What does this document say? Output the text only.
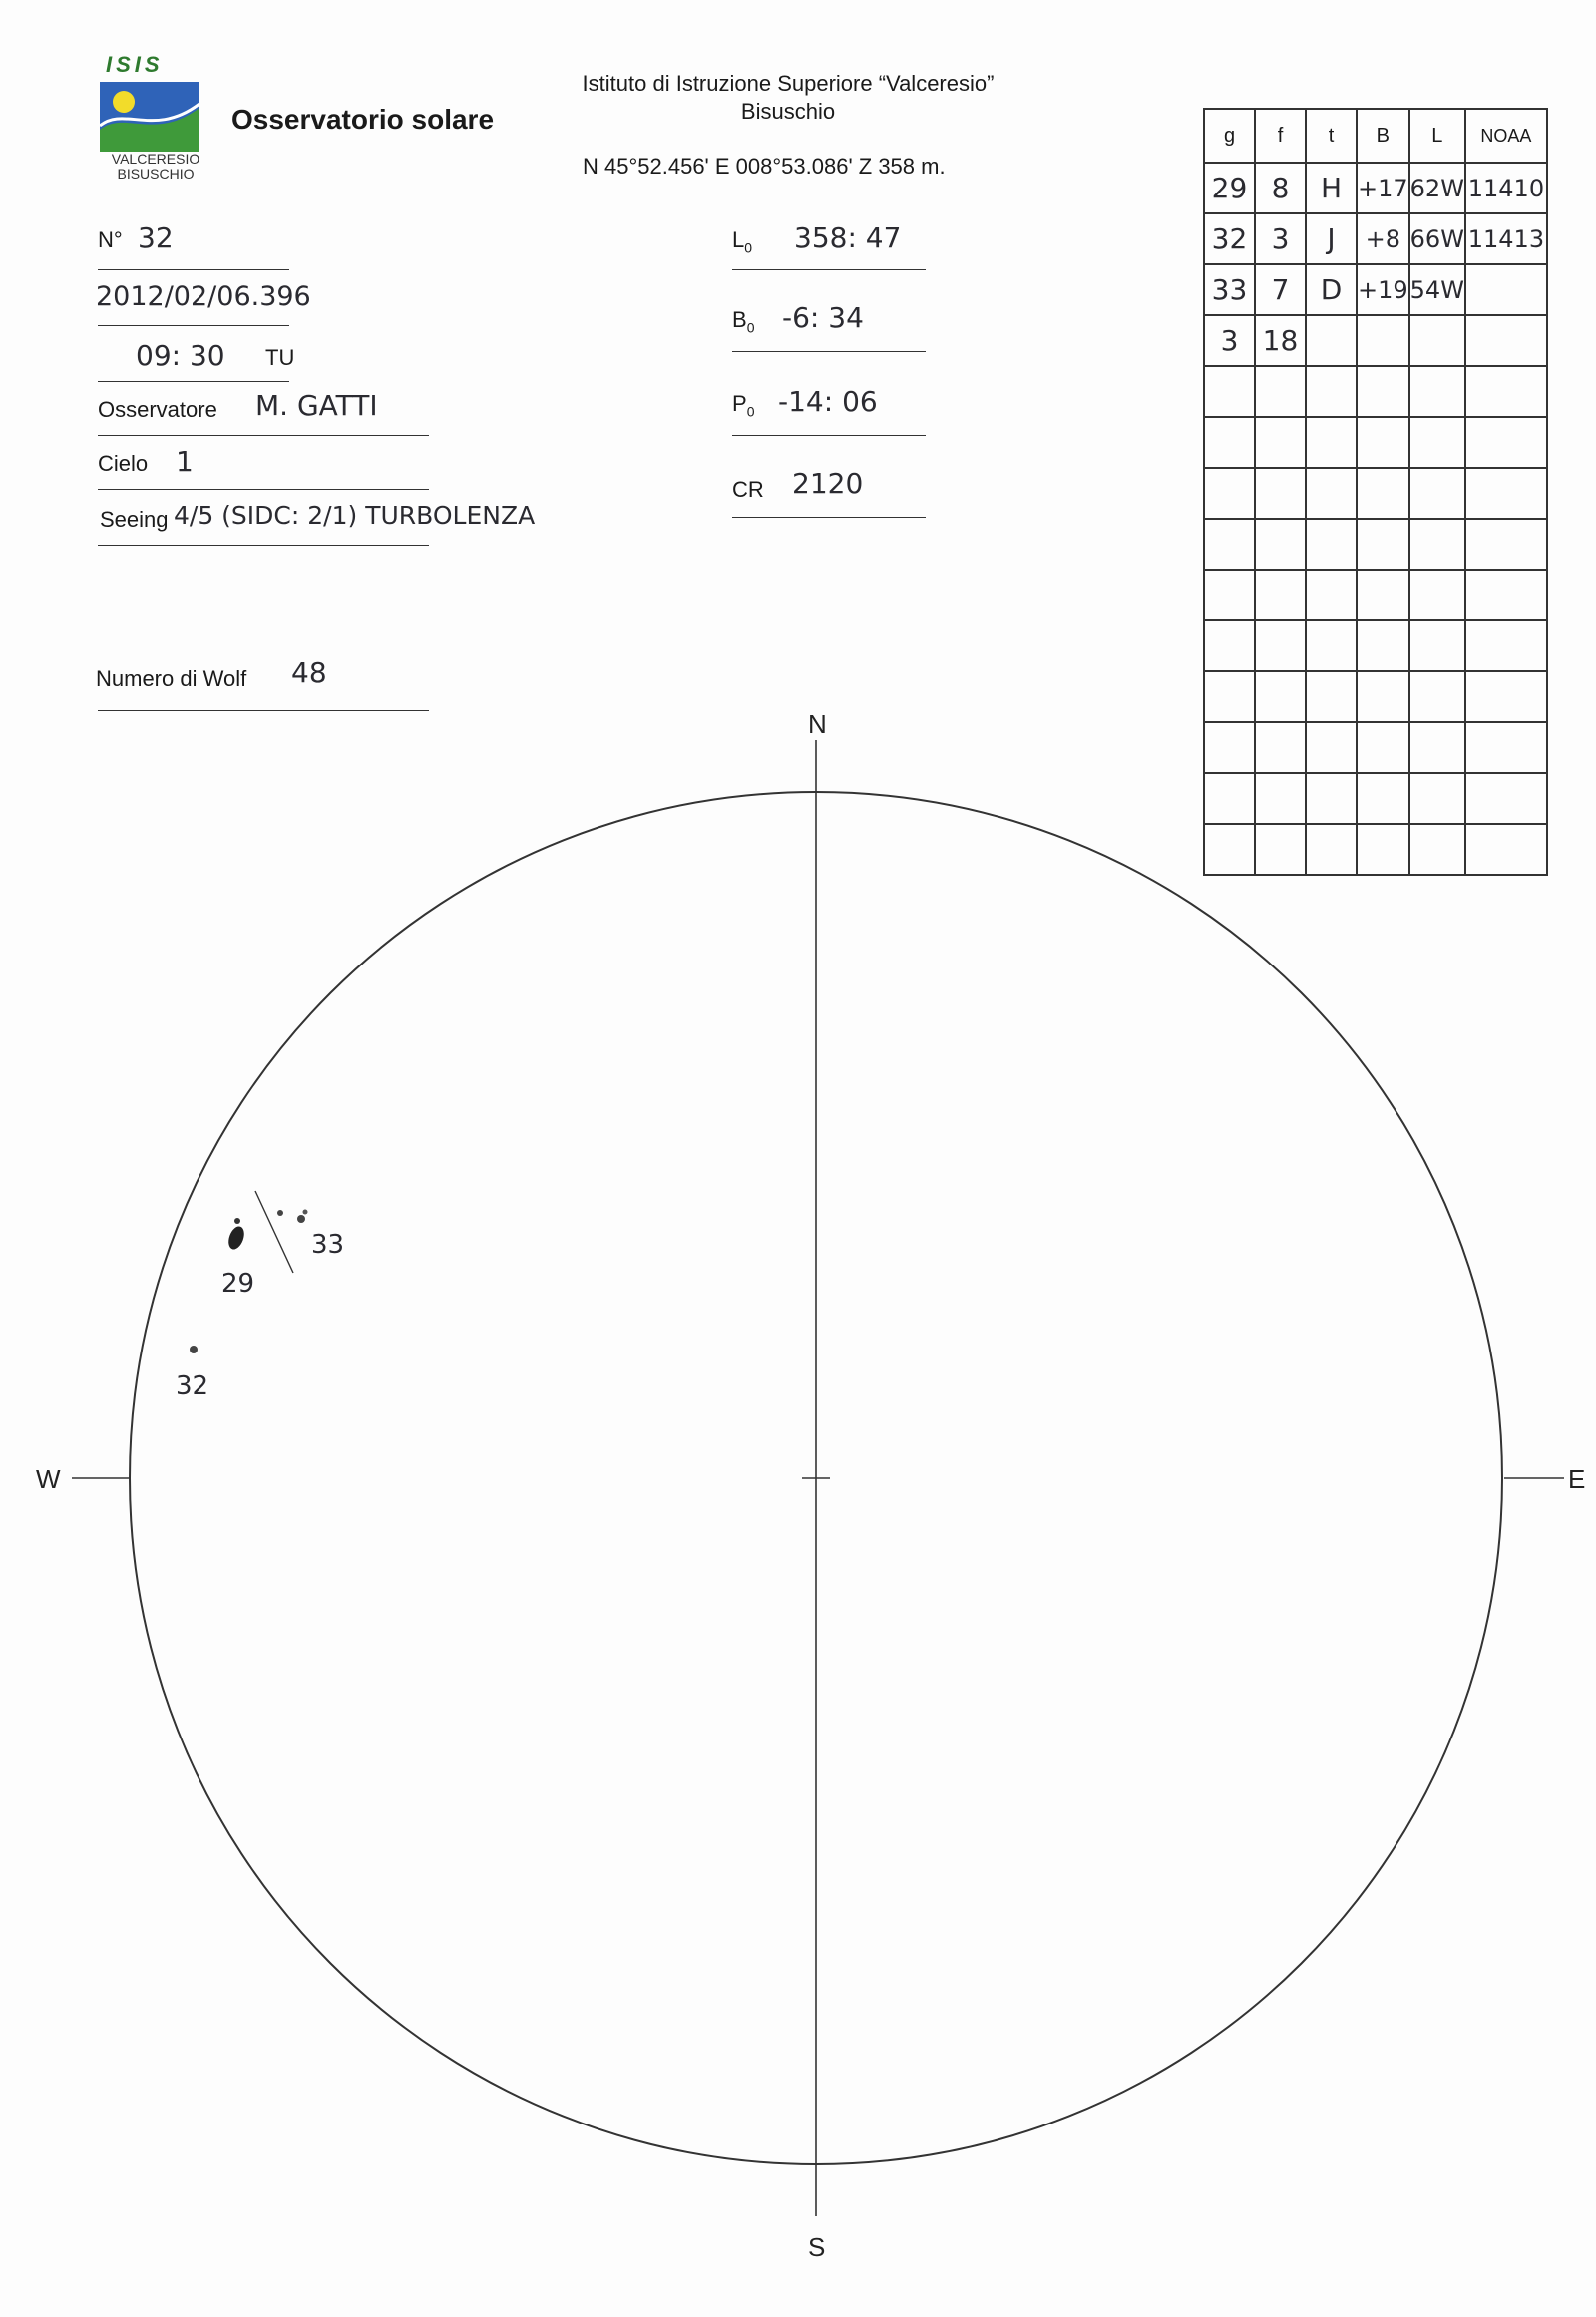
ISIS
VALCERESIO
BISUSCHIO
Osservatorio solare
Istituto di Istruzione Superiore “Valceresio”
Bisuschio
N 45°52.456' E 008°53.086' Z 358 m.
N° 32
2012/02/06.396
09: 30 TU
Osservatore M. GATTI
Cielo 1
Seeing 4/5 (SIDC: 2/1) TURBOLENZA
Numero di Wolf 48
$L_0$ 358: 47
$B_0$ -6: 34
$P_0$ -14: 06
CR 2120
g	f	t	B	L	NOAA
29	8	H	+17	62W	11410
32	3	J	+8	66W	11413
33	7	D	+19	54W	
3	18				

N
S
W	E
29
33
32
